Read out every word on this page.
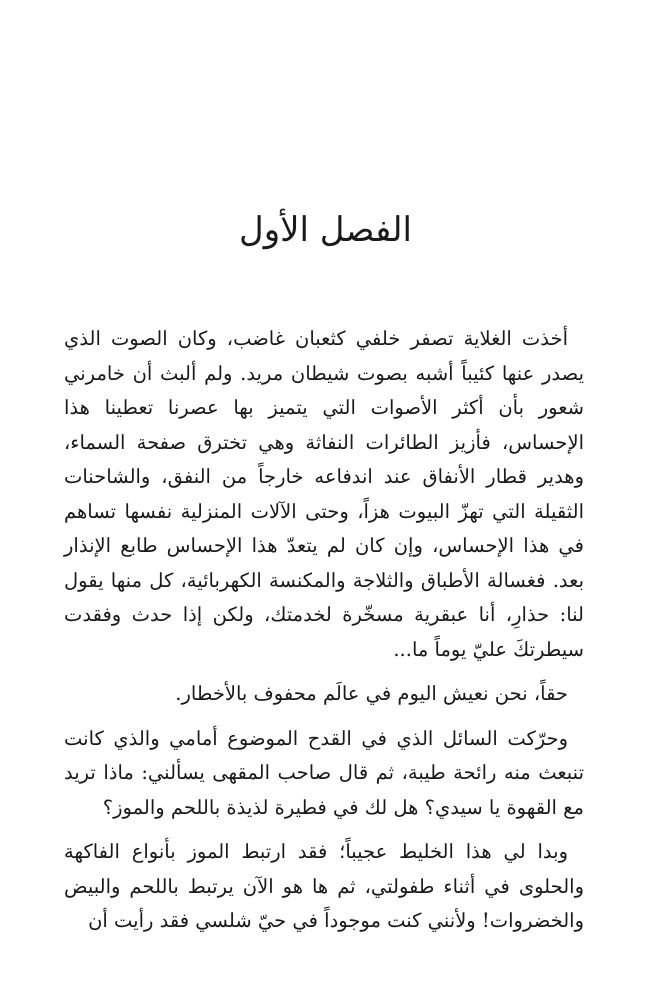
الفصل الأول

أخذت الغلاية تصفر خلفي كثعبان غاضب، وكان الصوت الذي يصدر عنها كئيباً أشبه بصوت شيطان مريد. ولم ألبث أن خامرني شعور بأن أكثر الأصوات التي يتميز بها عصرنا تعطينا هذا الإحساس، فأزيز الطائرات النفاثة وهي تخترق صفحة السماء، وهدير قطار الأنفاق عند اندفاعه خارجاً من النفق، والشاحنات الثقيلة التي تهزّ البيوت هزاً، وحتى الآلات المنزلية نفسها تساهم في هذا الإحساس، وإن كان لم يتعدّ هذا الإحساس طابع الإنذار بعد. فغسالة الأطباق والثلاجة والمكنسة الكهربائية، كل منها يقول لنا: حذارِ، أنا عبقرية مسخّرة لخدمتك، ولكن إذا حدث وفقدت سيطرتكَ عليّ يوماً ما...

حقاً، نحن نعيش اليوم في عالَم محفوف بالأخطار.

وحرّكت السائل الذي في القدح الموضوع أمامي والذي كانت تنبعث منه رائحة طيبة، ثم قال صاحب المقهى يسألني: ماذا تريد مع القهوة يا سيدي؟ هل لك في فطيرة لذيذة باللحم والموز؟

وبدا لي هذا الخليط عجيباً؛ فقد ارتبط الموز بأنواع الفاكهة والحلوى في أثناء طفولتي، ثم ها هو الآن يرتبط باللحم والبيض والخضروات! ولأنني كنت موجوداً في حيّ شلسي فقد رأيت أن
